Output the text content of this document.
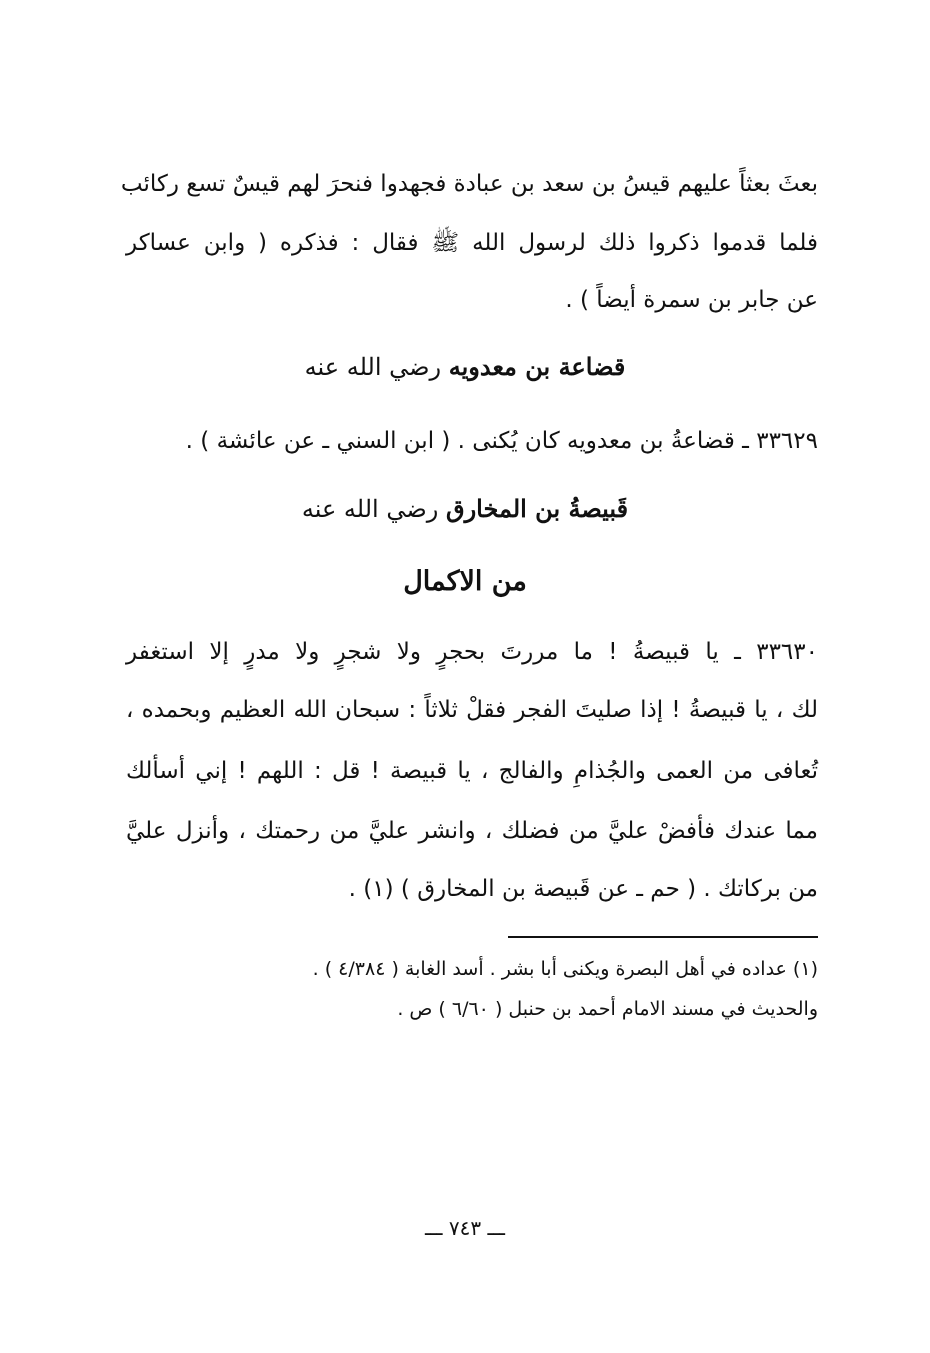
بعثَ بعثاً عليهم قيسُ بن سعد بن عبادة فجهدوا فنحرَ لهم قيسٌ تسع ركائب
فلما قدموا ذكروا ذلك لرسول الله ﷺ فقال : فذكره ( وابن عساكر
عن جابر بن سمرة أيضاً ) .
قضاعة بن معدويه رضي الله عنه
٣٣٦٢٩ ـ قضاعةُ بن معدويه كان يُكنى . ( ابن السني ـ عن عائشة ) .
قَبيصةُ بن المخارق رضي الله عنه
من الاكمال
٣٣٦٣٠ ـ يا قبيصةُ ! ما مررتَ بحجرٍ ولا شجرٍ ولا مدرٍ إلا استغفر
لك ، يا قبيصةُ ! إذا صليتَ الفجر فقلْ ثلاثاً : سبحان الله العظيم وبحمده ،
تُعافى من العمى والجُذامِ والفالج ، يا قبيصة ! قل : اللهم ! إني أسألك
مما عندك فأفضْ عليَّ من فضلك ، وانشر عليَّ من رحمتك ، وأنزل عليَّ
من بركاتك . ( حم ـ عن قَبيصة بن المخارق ) (١) .
(١) عداده في أهل البصرة ويكنى أبا بشر . أسد الغابة ( ٤/٣٨٤ ) .
والحديث في مسند الامام أحمد بن حنبل ( ٦/٦٠ ) ص .
ـــ ٧٤٣ ـــ
